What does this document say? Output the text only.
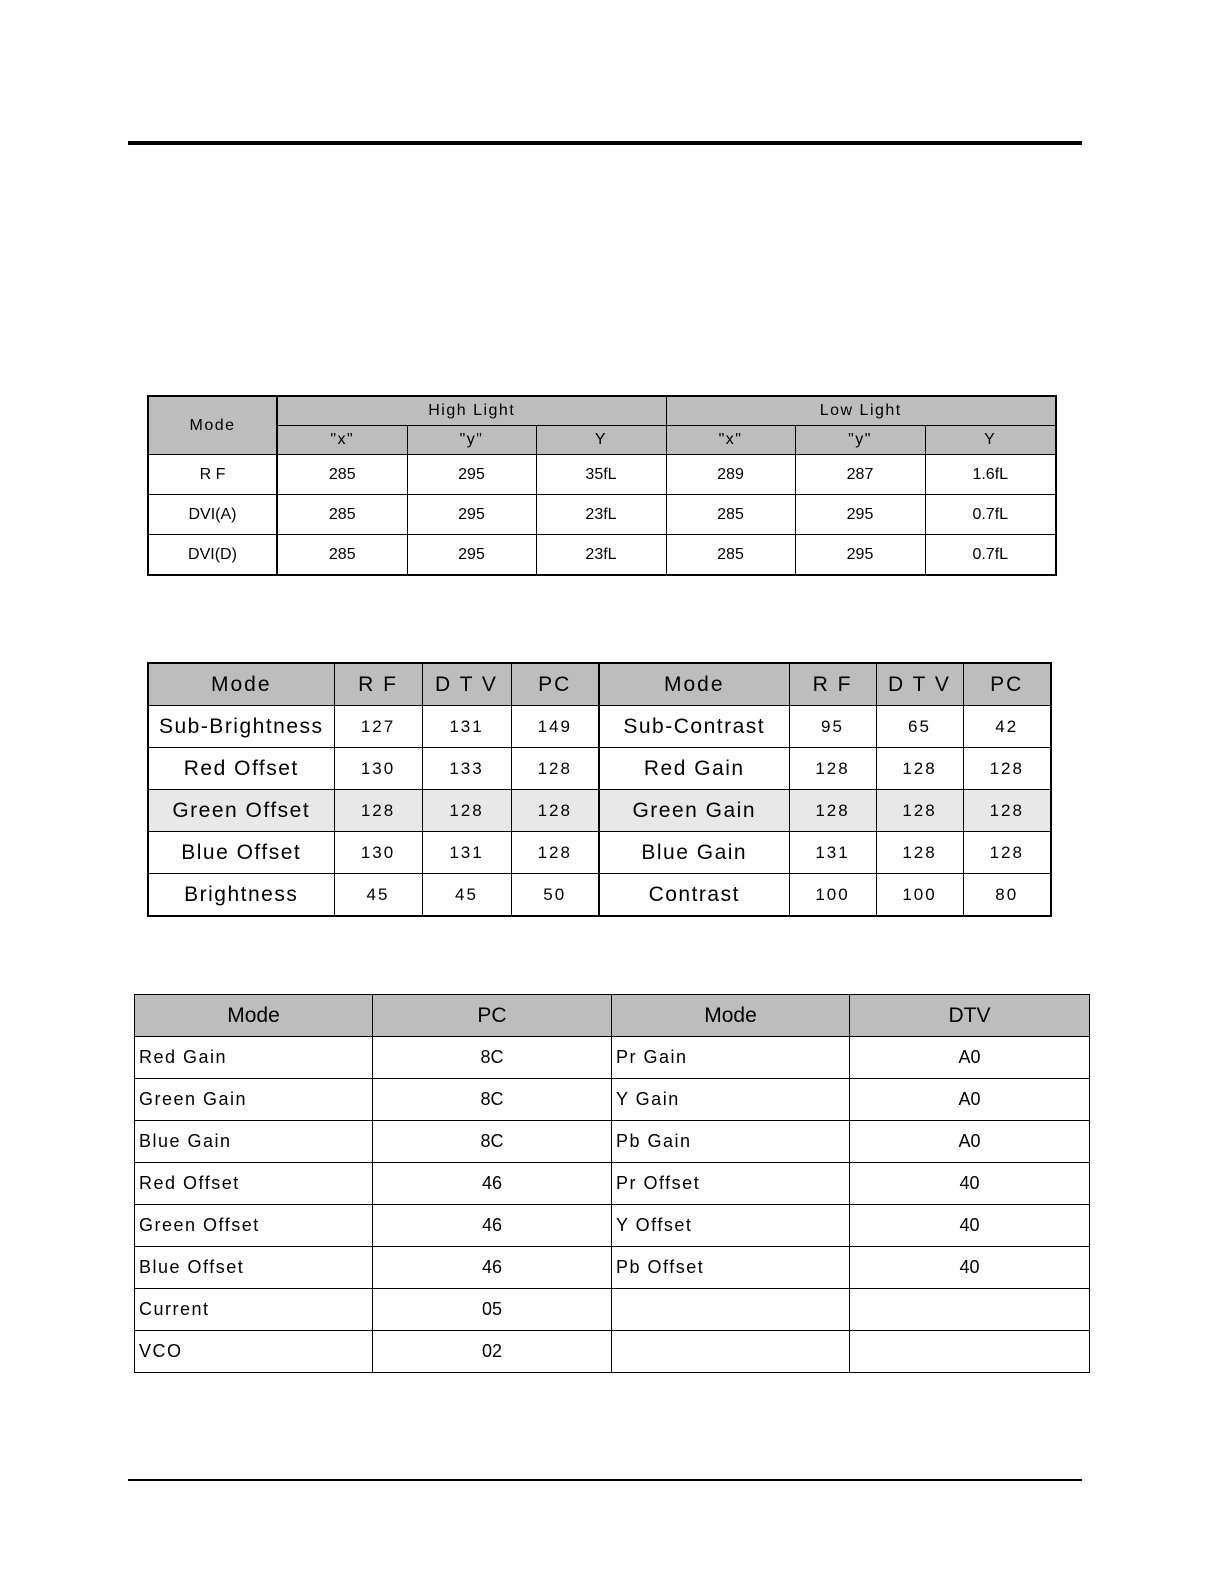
Mode	High Light			Low Light		
	"x"	"y"	Y	"x"	"y"	Y
R F	285	295	35fL	289	287	1.6fL
DVI(A)	285	295	23fL	285	295	0.7fL
DVI(D)	285	295	23fL	285	295	0.7fL
Mode	R F	D T V	PC	Mode	R F	D T V	PC
Sub-Brightness	127	131	149	Sub-Contrast	95	65	42
Red Offset	130	133	128	Red Gain	128	128	128
Green Offset	128	128	128	Green Gain	128	128	128
Blue Offset	130	131	128	Blue Gain	131	128	128
Brightness	45	45	50	Contrast	100	100	80
Mode	PC	Mode	DTV
Red Gain	8C	Pr Gain	A0
Green Gain	8C	Y Gain	A0
Blue Gain	8C	Pb Gain	A0
Red Offset	46	Pr Offset	40
Green Offset	46	Y Offset	40
Blue Offset	46	Pb Offset	40
Current	05		
VCO	02		
